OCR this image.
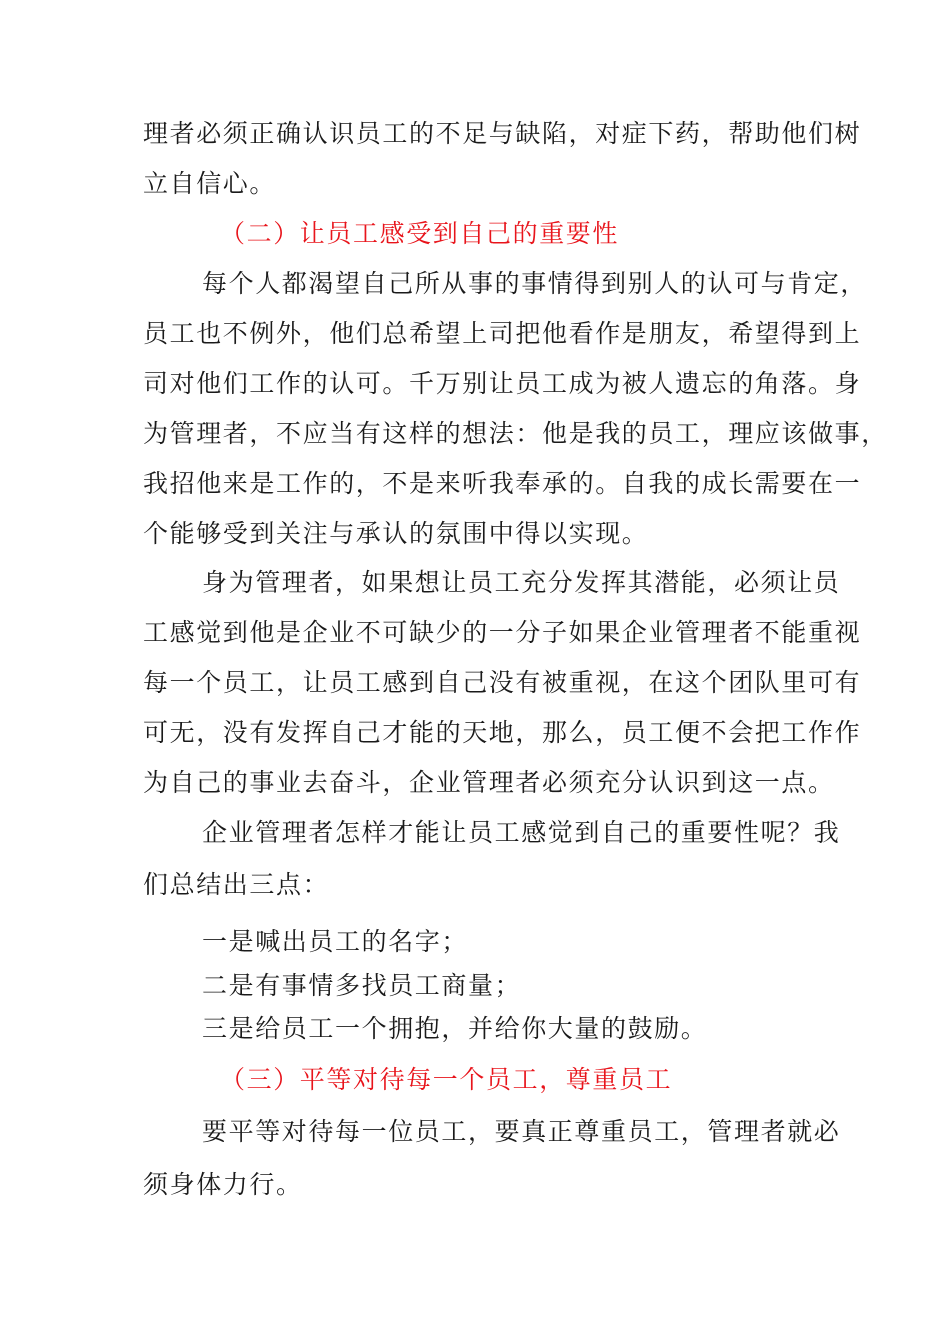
理者必须正确认识员工的不足与缺陷，对症下药，帮助他们树
立自信心。
（二）让员工感受到自己的重要性
每个人都渴望自己所从事的事情得到别人的认可与肯定，
员工也不例外，他们总希望上司把他看作是朋友，希望得到上
司对他们工作的认可。千万别让员工成为被人遗忘的角落。身
为管理者，不应当有这样的想法：他是我的员工，理应该做事，
我招他来是工作的，不是来听我奉承的。自我的成长需要在一
个能够受到关注与承认的氛围中得以实现。
身为管理者，如果想让员工充分发挥其潜能，必须让员
工感觉到他是企业不可缺少的一分子如果企业管理者不能重视
每一个员工，让员工感到自己没有被重视，在这个团队里可有
可无，没有发挥自己才能的天地，那么，员工便不会把工作作
为自己的事业去奋斗，企业管理者必须充分认识到这一点。
企业管理者怎样才能让员工感觉到自己的重要性呢？我
们总结出三点：
一是喊出员工的名字；
二是有事情多找员工商量；
三是给员工一个拥抱，并给你大量的鼓励。
（三）平等对待每一个员工，尊重员工
要平等对待每一位员工，要真正尊重员工，管理者就必
须身体力行。
